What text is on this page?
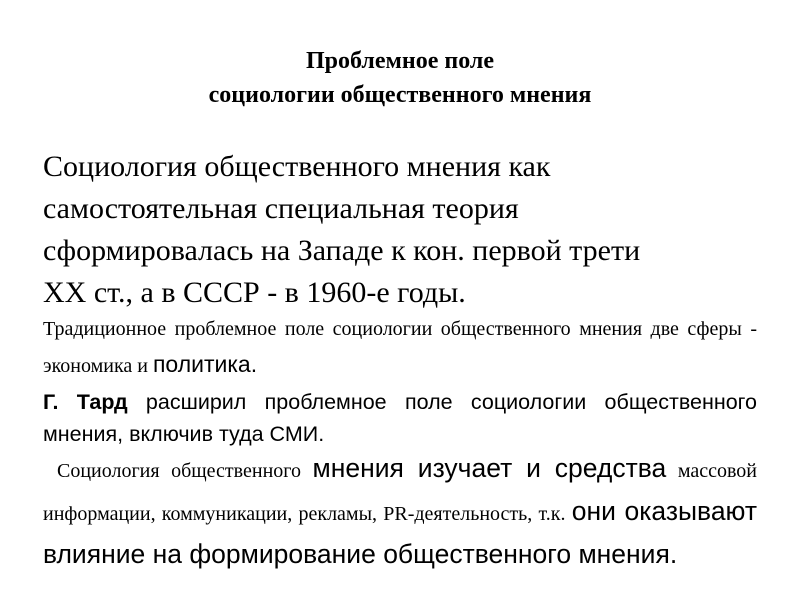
Проблемное поле
социологии общественного мнения

Социология общественного мнения как
самостоятельная специальная теория
сформировалась на Западе к кон. первой трети
ХХ ст., а в СССР - в 1960-е годы.

Традиционное проблемное поле социологии общественного мнения две сферы - экономика и политика.

Г. Тард расширил проблемное поле социологии общественного мнения, включив туда СМИ.

Социология общественного мнения изучает и средства массовой информации, коммуникации, рекламы, PR-деятельность, т.к. они оказывают влияние на формирование общественного мнения.
